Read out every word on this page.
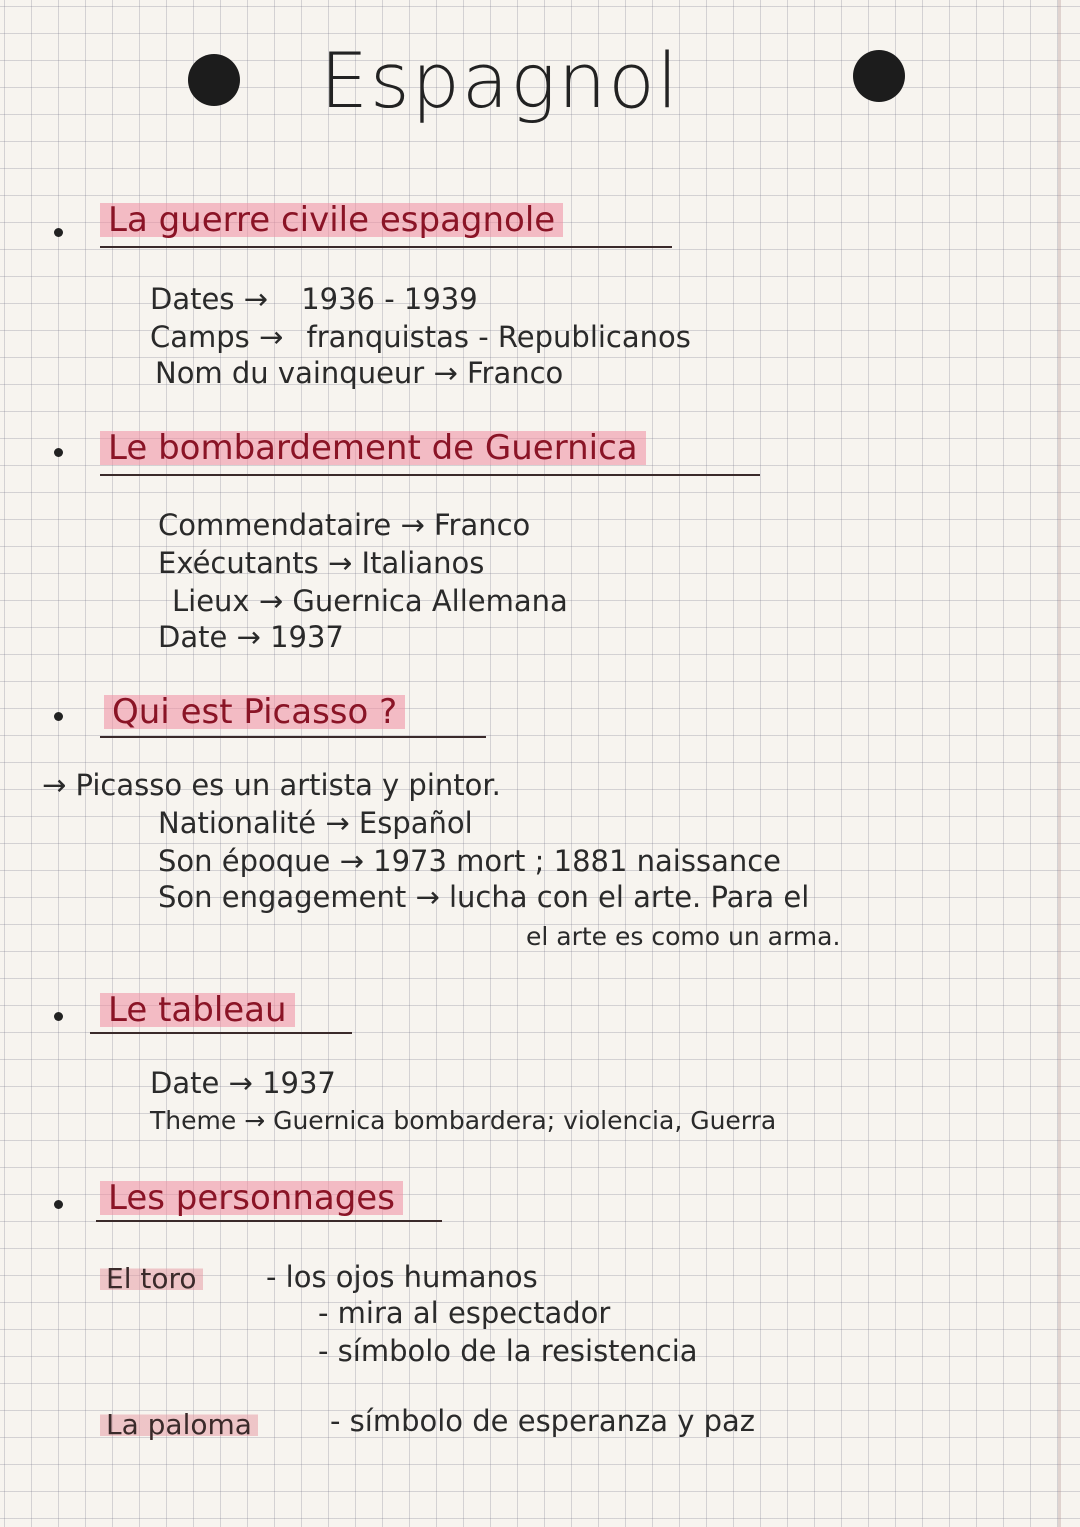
Espagnol
La guerre civile espagnole
Dates → 1936 - 1939
Camps → franquistas - Republicanos
Nom du vainqueur → Franco
Le bombardement de Guernica
Commendataire → Franco
Exécutants → Italianos
Lieux → Guernica Allemana
Date → 1937
Qui est Picasso ?
→ Picasso es un artista y pintor.
Nationalité → Español
Son époque → 1973 mort ; 1881 naissance
Son engagement → lucha con el arte. Para el
el arte es como un arma.
Le tableau
Date → 1937
Theme → Guernica bombardera; violencia, Guerra
Les personnages
El toro - los ojos humanos
- mira al espectador
- símbolo de la resistencia
La paloma	- símbolo de esperanza y paz
